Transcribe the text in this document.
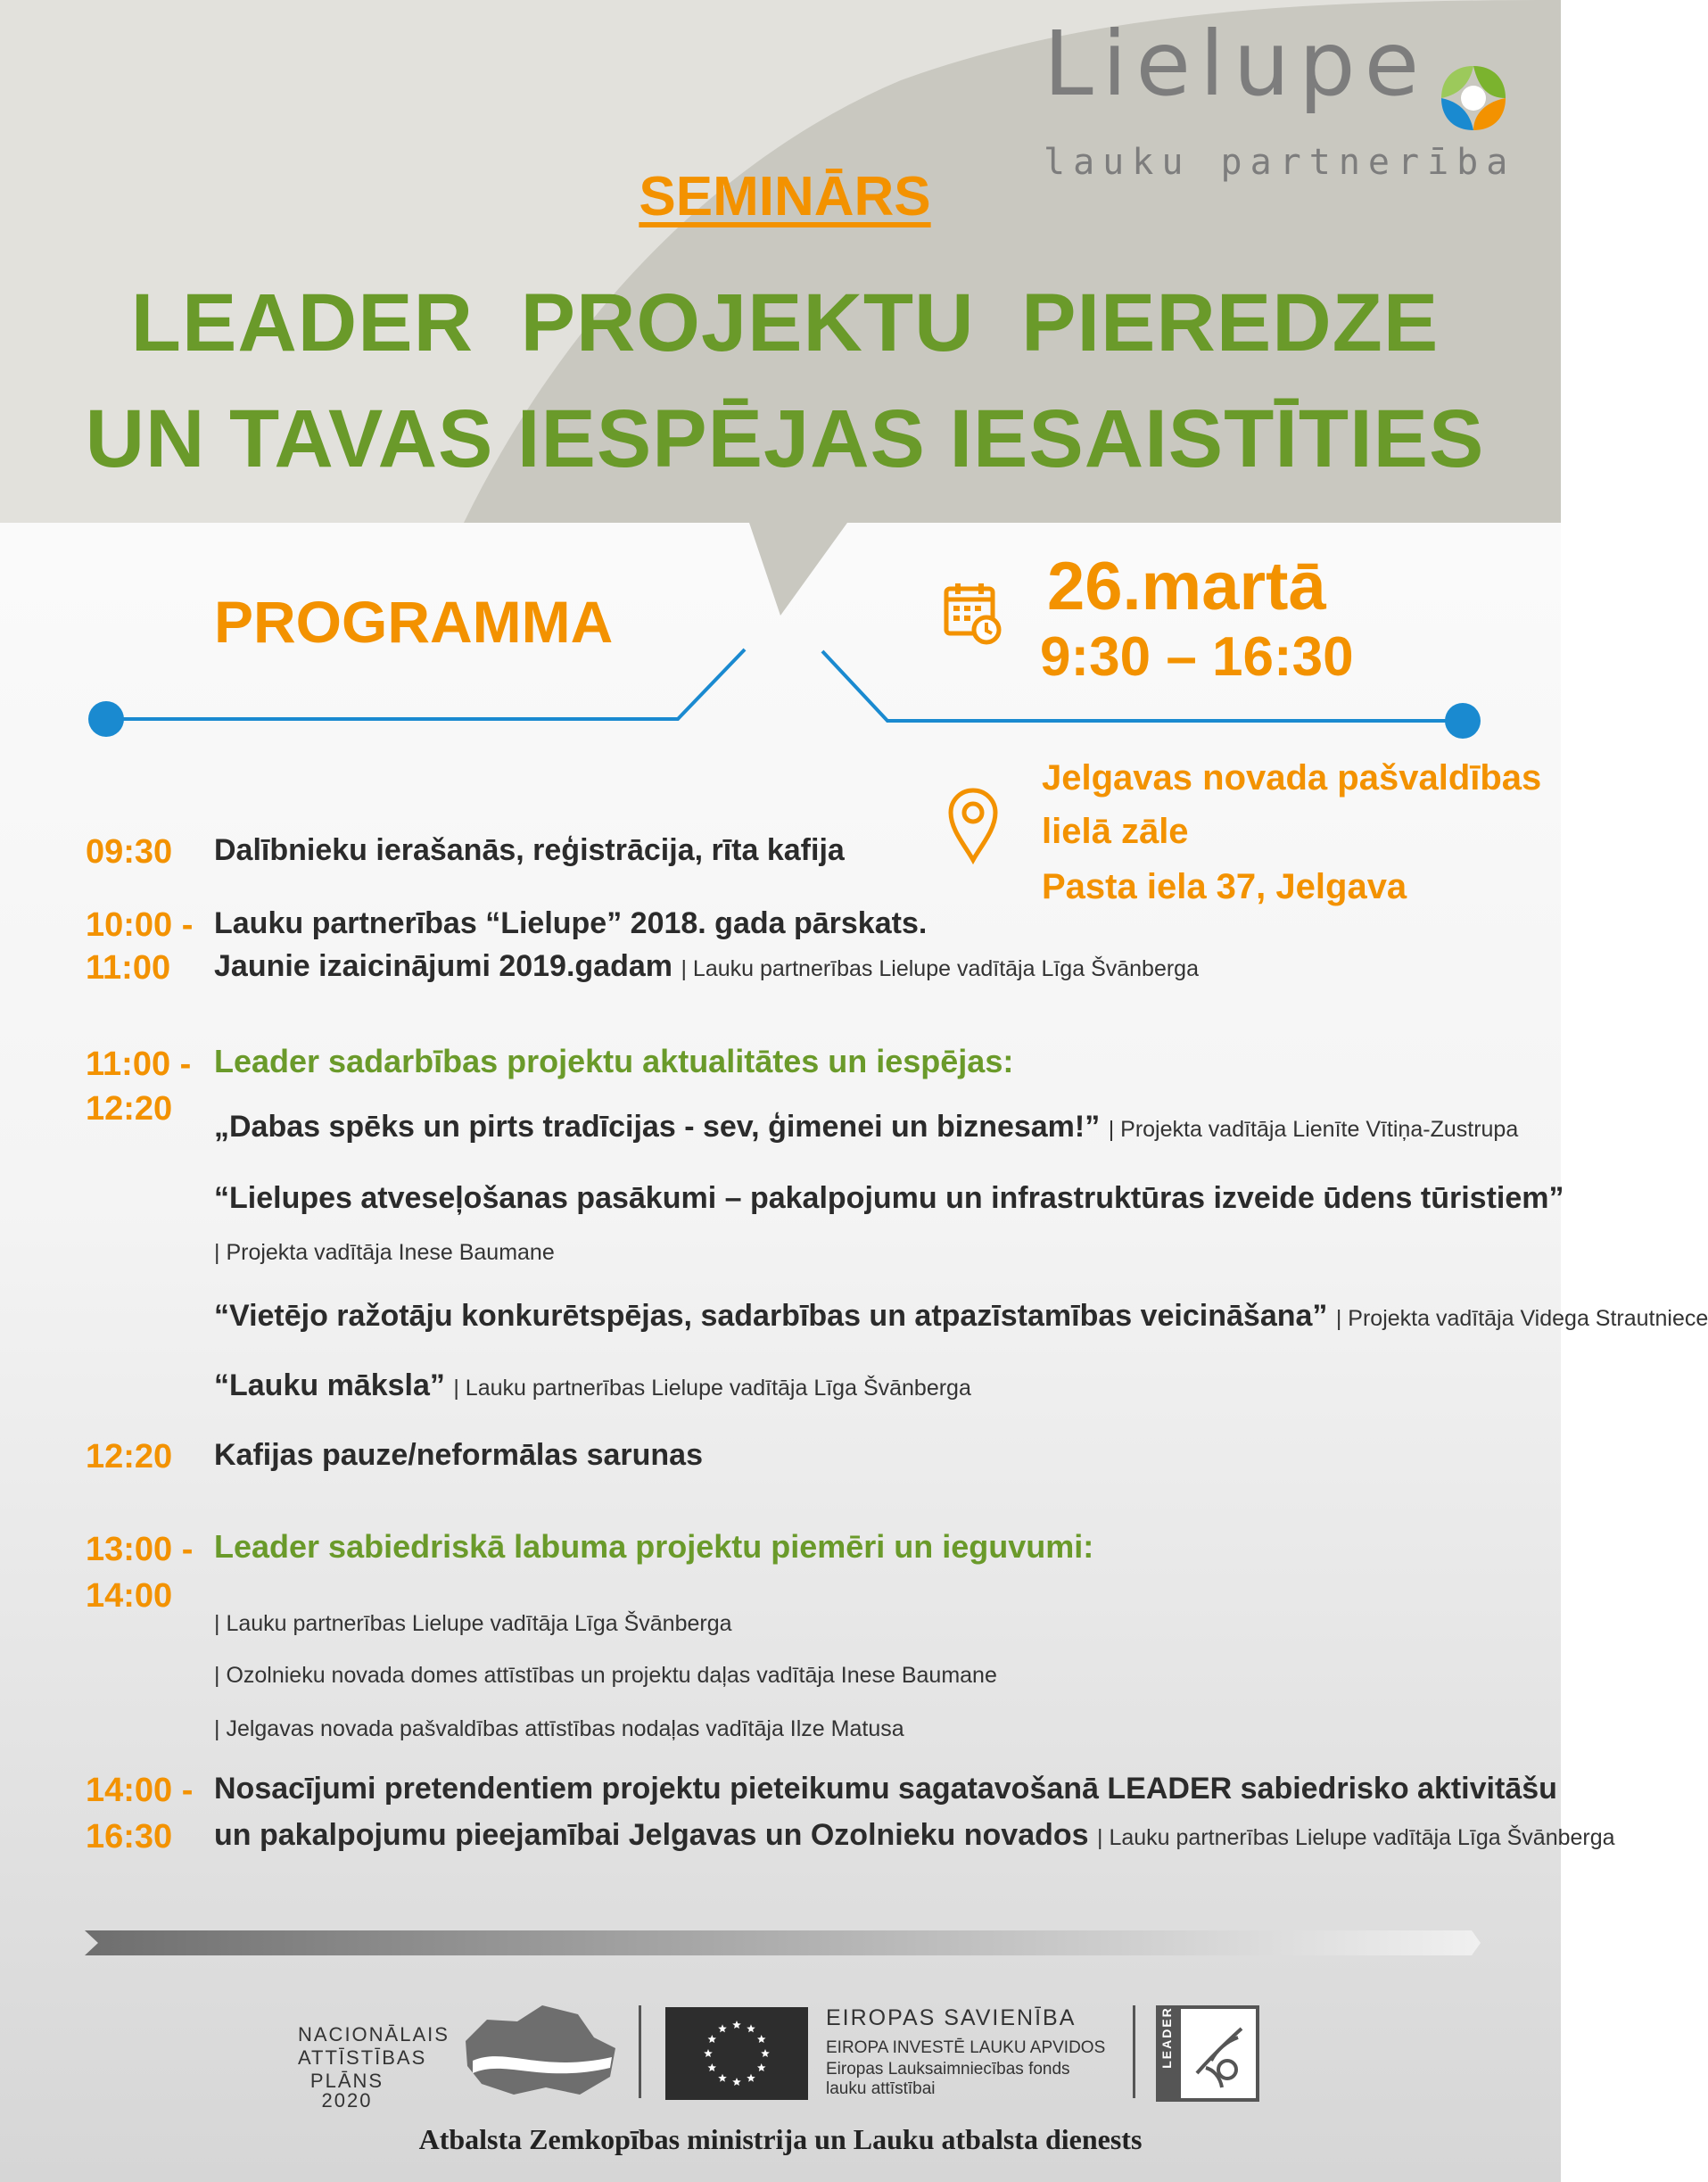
Lielupe
lauku partnerība
SEMINĀRS
LEADER PROJEKTU PIEREDZE
UN TAVAS IESPĒJAS IESAISTĪTIES
PROGRAMMA	26.martā
9:30 – 16:30
Jelgavas novada pašvaldības
lielā zāle
Pasta iela 37, Jelgava
09:30 Dalībnieku ierašanās, reģistrācija, rīta kafija
10:00 -
11:00
Lauku partnerības “Lielupe” 2018. gada pārskats.
Jaunie izaicinājumi 2019.gadam | Lauku partnerības Lielupe vadītāja Līga Švānberga
11:00 -
12:20
Leader sadarbības projektu aktualitātes un iespējas:
„Dabas spēks un pirts tradīcijas - sev, ģimenei un biznesam!” | Projekta vadītāja Lienīte Vītiņa-Zustrupa
“Lielupes atveseļošanas pasākumi – pakalpojumu un infrastruktūras izveide ūdens tūristiem”
| Projekta vadītāja Inese Baumane
“Vietējo ražotāju konkurētspējas, sadarbības un atpazīstamības veicināšana” | Projekta vadītāja Videga Strautniece
“Lauku māksla” | Lauku partnerības Lielupe vadītāja Līga Švānberga
12:20 Kafijas pauze/neformālas sarunas
13:00 -
14:00
Leader sabiedriskā labuma projektu piemēri un ieguvumi:
| Lauku partnerības Lielupe vadītāja Līga Švānberga
| Ozolnieku novada domes attīstības un projektu daļas vadītāja Inese Baumane
| Jelgavas novada pašvaldības attīstības nodaļas vadītāja Ilze Matusa
14:00 -
16:30
Nosacījumi pretendentiem projektu pieteikumu sagatavošanā LEADER sabiedrisko aktivitāšu
un pakalpojumu pieejamībai Jelgavas un Ozolnieku novados | Lauku partnerības Lielupe vadītāja Līga Švānberga
NACIONĀLAIS
ATTĪSTĪBAS
PLĀNS 2020
EIROPAS SAVIENĪBA
EIROPA INVESTĒ LAUKU APVIDOS
Eiropas Lauksaimniecības fonds
lauku attīstībai
LEADER
Atbalsta Zemkopības ministrija un Lauku atbalsta dienests
